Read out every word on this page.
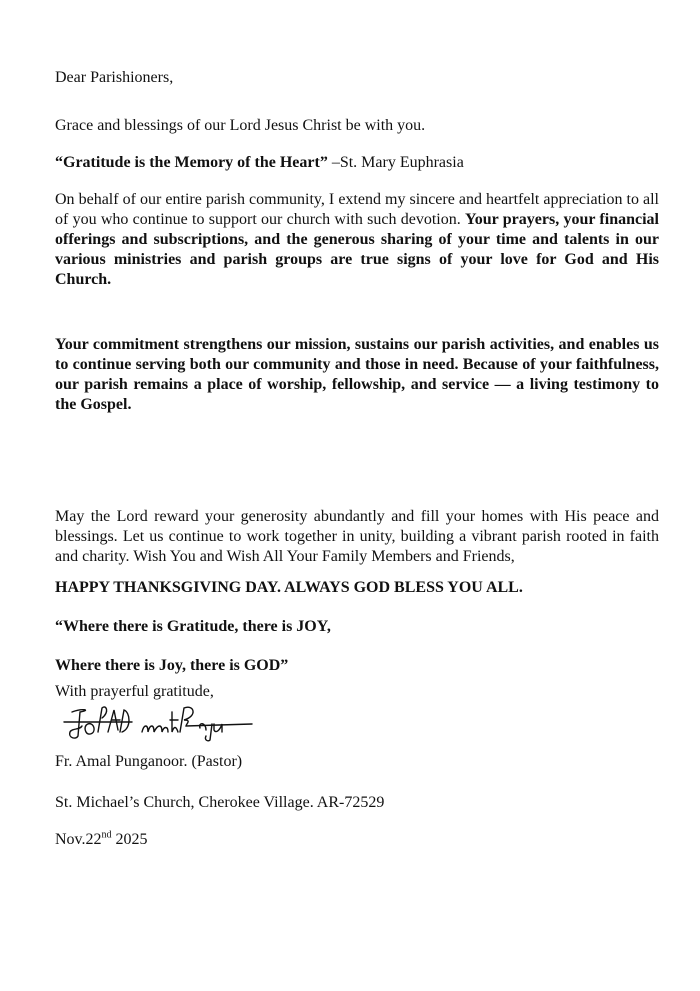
Dear Parishioners,

Grace and blessings of our Lord Jesus Christ be with you.

“Gratitude is the Memory of the Heart” –St. Mary Euphrasia

On behalf of our entire parish community, I extend my sincere and heartfelt appreciation to all of you who continue to support our church with such devotion. Your prayers, your financial offerings and subscriptions, and the generous sharing of your time and talents in our various ministries and parish groups are true signs of your love for God and His Church.

Your commitment strengthens our mission, sustains our parish activities, and enables us to continue serving both our community and those in need. Because of your faithfulness, our parish remains a place of worship, fellowship, and service — a living testimony to the Gospel.

May the Lord reward your generosity abundantly and fill your homes with His peace and blessings. Let us continue to work together in unity, building a vibrant parish rooted in faith and charity. Wish You and Wish All Your Family Members and Friends,

HAPPY THANKSGIVING DAY. ALWAYS GOD BLESS YOU ALL.

“Where there is Gratitude, there is JOY,

Where there is Joy, there is GOD”

With prayerful gratitude,

Fr. Amal Punganoor. (Pastor)

St. Michael’s Church, Cherokee Village. AR-72529

Nov.22nd 2025
